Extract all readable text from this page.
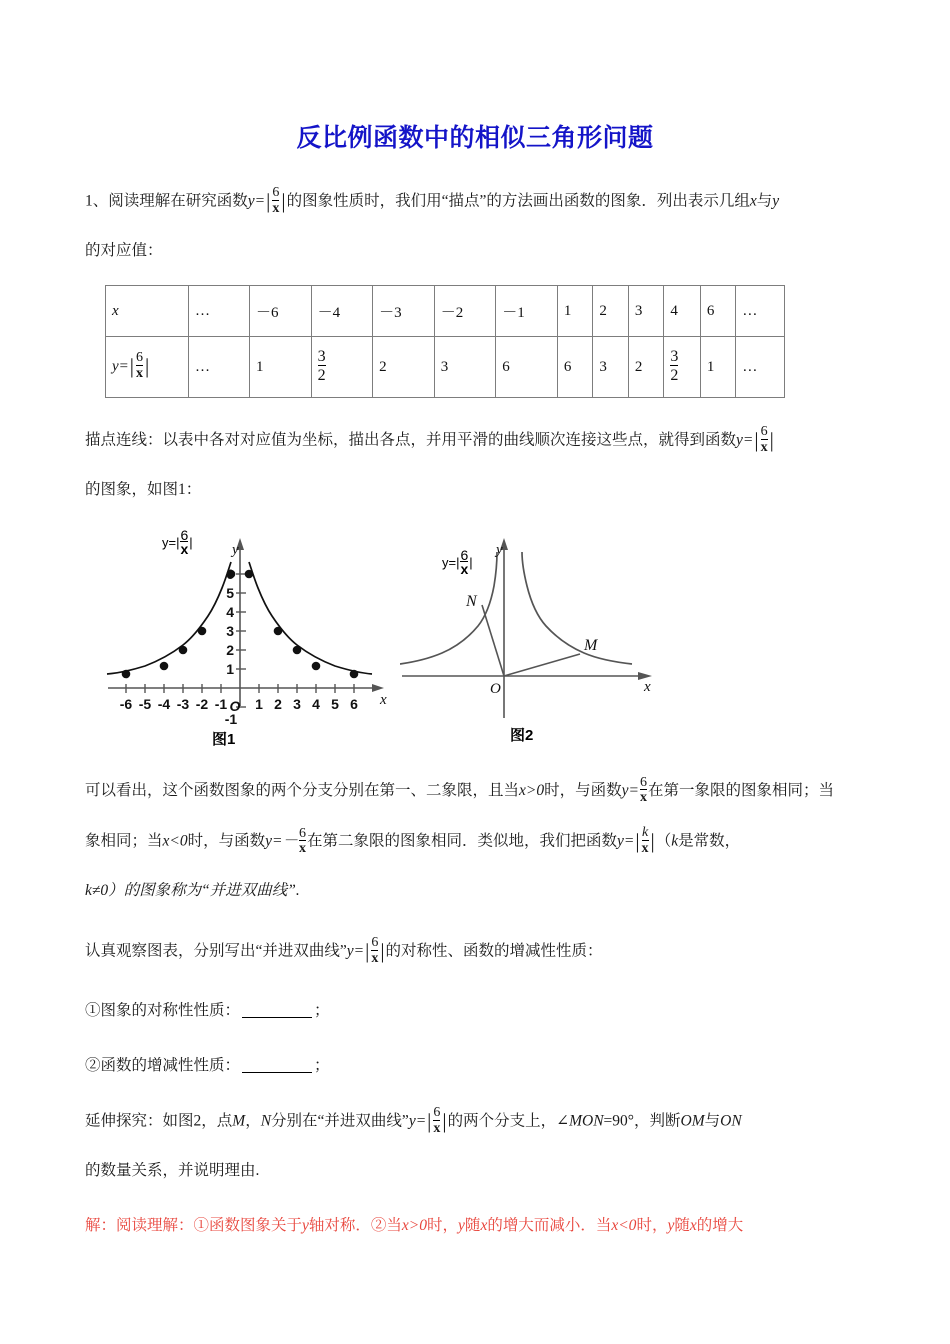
反比例函数中的相似三角形问题
1、阅读理解在研究函数y= | $\frac{6}{x}$ | 的图象性质时，我们用“描点”的方法画出函数的图象．列出表示几组x与y
的对应值：
x	…	－6	－4	－3	－2	－1	1	2	3	4	6	…
y= | $\frac{6}{x}$ |	…	1	$\frac{3}{2}$	2	3	6	6	3	2	$\frac{3}{2}$	1	…
描点连线：以表中各对对应值为坐标，描出各点，并用平滑的曲线顺次连接这些点，就得到函数y= | $\frac{6}{x}$ |
的图象，如图1：
-6 -5 -4 -3 -2 -1 1 2 3 4 5 6
O
-1
1
2
3
4
5
6
x
y
$y=| \frac{6}{x}$ |
图1
M
N
O	x
y
$y=| \frac{6}{x}$ |
图2
可以看出，这个函数图象的两个分支分别在第一、二象限，且当x>0时，与函数$y= \frac{6}{x}$ 在第一象限的图象相同；当
象相同；当x<0时，与函数$y=- \frac{6}{x}$ 在第二象限的图象相同．类似地，我们把函数y= | $\frac{k}{x}$ | （k是常数，
k≠0）的图象称为“并进双曲线”.
认真观察图表，分别写出“并进双曲线”y= | $\frac{6}{x}$ | 的对称性、函数的增减性性质：
①图象的对称性性质：	；
②函数的增减性性质：	；
延伸探究：如图2，点M，N分别在“并进双曲线”y= | $\frac{6}{x}$ | 的两个分支上，∠MON=90°，判断OM与ON
的数量关系，并说明理由.
解：阅读理解：①函数图象关于y轴对称．②当x>0时，y随x的增大而减小．当x<0时，y随x的增大
